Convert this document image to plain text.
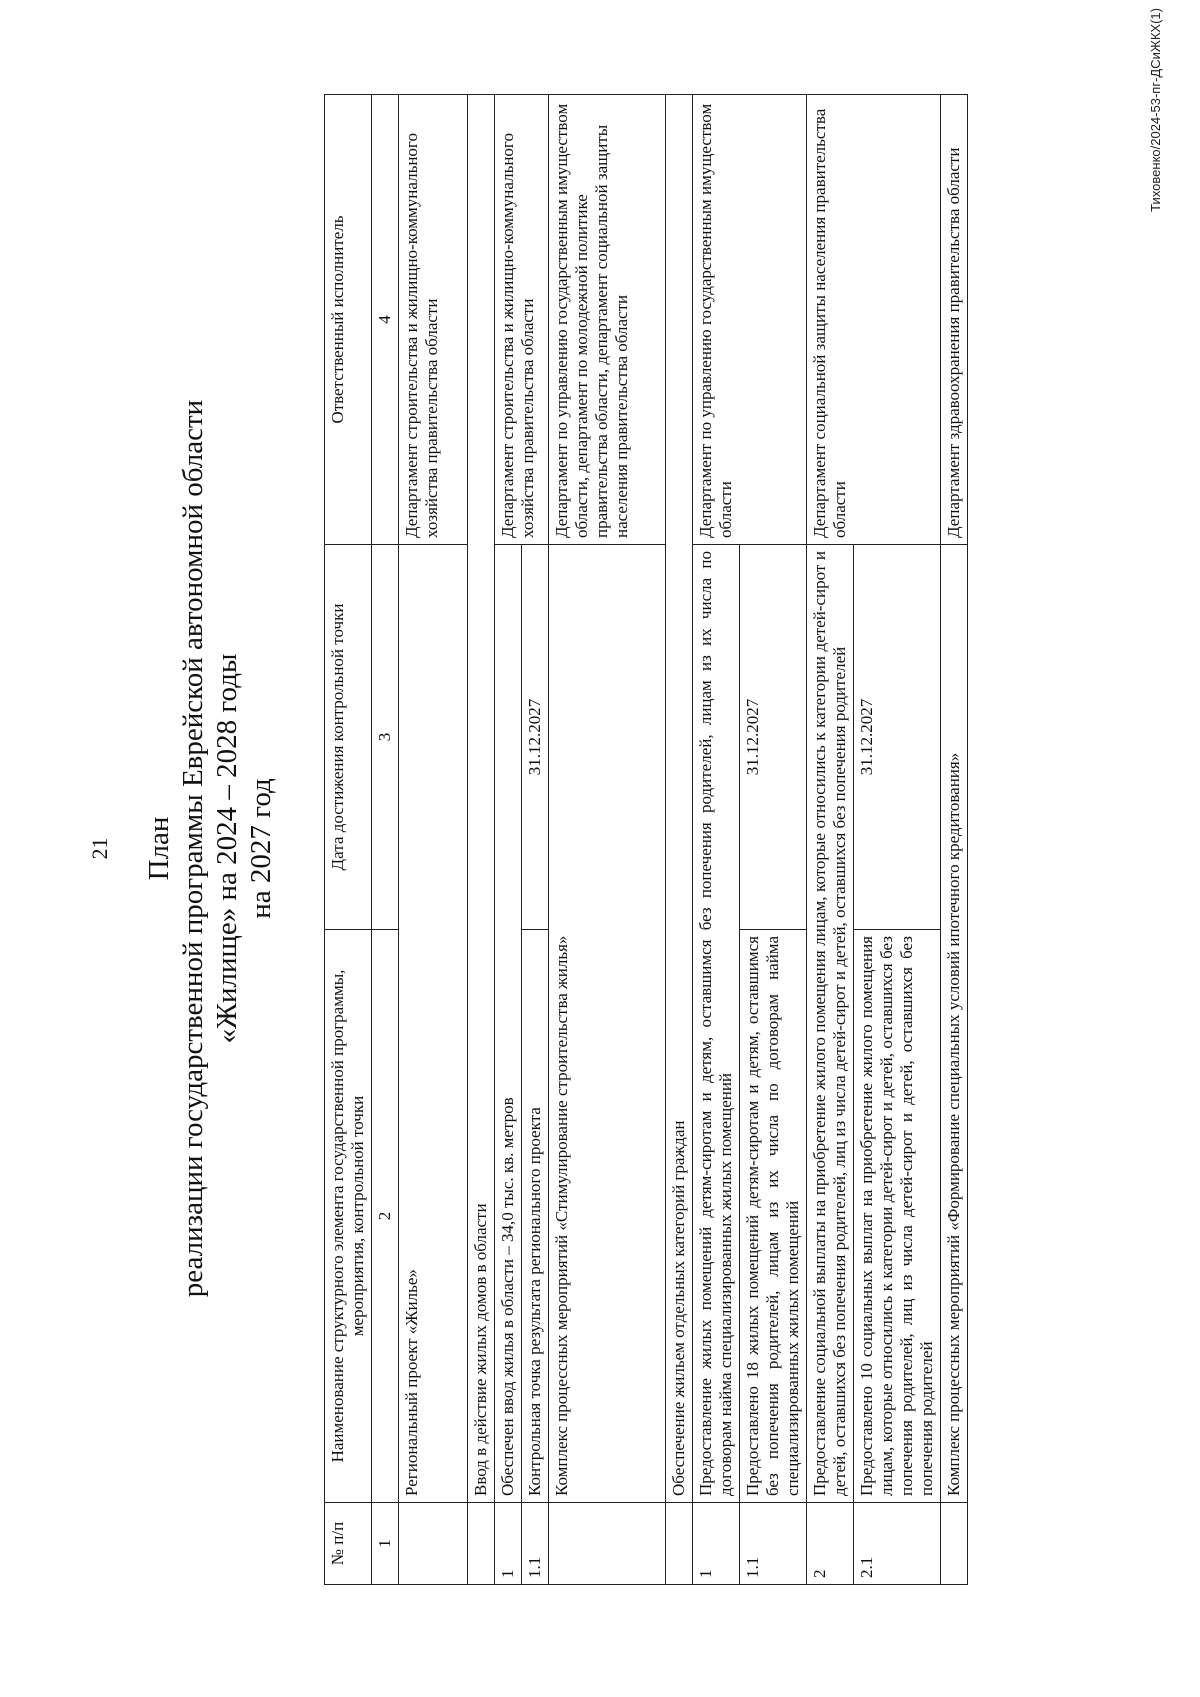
21 План реализации государственной программы Еврейской автономной области «Жилище» на 2024 – 2028 годы на 2027 год
№ п/п	Наименование структурного элемента государственной программы, мероприятия, контрольной точки	Дата достижения контрольной точки	Ответственный исполнитель
1	2	3	4
	Региональный проект «Жилье»		Департамент строительства и жилищно-коммунального хозяйства правительства области
	Ввод в действие жилых домов в области		
1	Обеспечен ввод жилья в области – 34,0 тыс. кв. метров		Департамент строительства и жилищно-коммунального хозяйства правительства области
1.1	Контрольная точка результата регионального проекта	31.12.2027	
	Комплекс процессных мероприятий «Стимулирование строительства жилья»		Департамент по управлению государственным имуществом области, департамент по молодежной политике правительства области, департамент социальной защиты населения правительства области
	Обеспечение жильем отдельных категорий граждан		
1	Предоставление жилых помещений детям-сиротам и детям, оставшимся без попечения родителей, лицам из их числа по договорам найма специализированных жилых помещений		Департамент по управлению государственным имуществом области
1.1	Предоставлено 18 жилых помещений детям-сиротам и детям, оставшимся без попечения родителей, лицам из их числа по договорам найма специализированных жилых помещений	31.12.2027	
2	Предоставление социальной выплаты на приобретение жилого помещения лицам, которые относились к категории детей-сирот и детей, оставшихся без попечения родителей, лиц из числа детей-сирот и детей, оставшихся без попечения родителей		Департамент социальной защиты населения правительства области
2.1	Предоставлено 10 социальных выплат на приобретение жилого помещения лицам, которые относились к категории детей-сирот и детей, оставшихся без попечения родителей, лиц из числа детей-сирот и детей, оставшихся без попечения родителей	31.12.2027	
	Комплекс процессных мероприятий «Формирование специальных условий ипотечного кредитования»		Департамент здравоохранения правительства области
Тиховенко/2024-53-пг-ДСиЖКХ(1)
